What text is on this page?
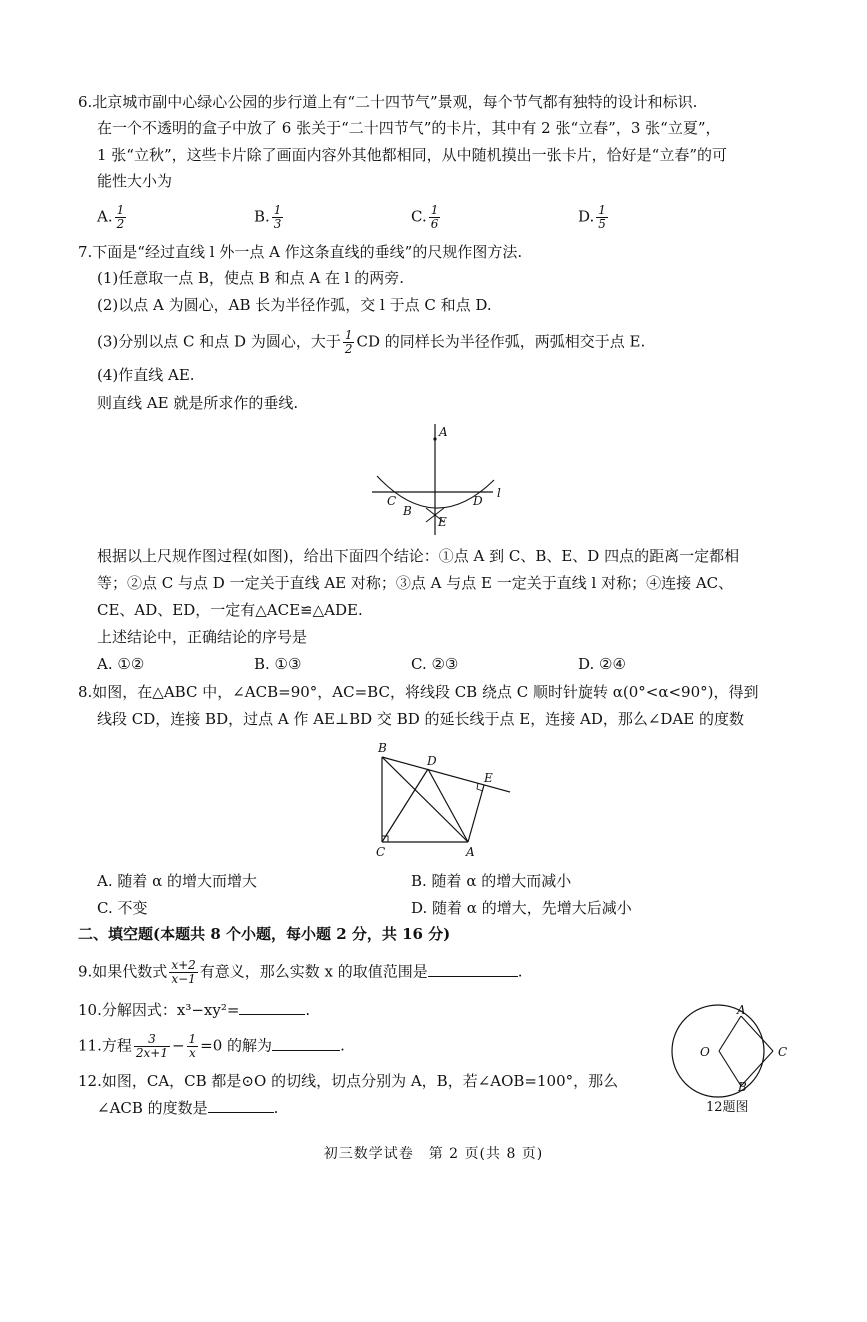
6.北京城市副中心绿心公园的步行道上有“二十四节气”景观，每个节气都有独特的设计和标识.
在一个不透明的盒子中放了 6 张关于“二十四节气”的卡片，其中有 2 张“立春”，3 张“立夏”，
1 张“立秋”，这些卡片除了画面内容外其他都相同，从中随机摸出一张卡片，恰好是“立春”的可
能性大小为
A. $\frac{1}{2}$	B. $\frac{1}{3}$	C. $\frac{1}{6}$	D. $\frac{1}{5}$
7.下面是“经过直线 l 外一点 A 作这条直线的垂线”的尺规作图方法.
(1)任意取一点 B，使点 B 和点 A 在 l 的两旁.
(2)以点 A 为圆心，AB 长为半径作弧，交 l 于点 C 和点 D.
(3)分别以点 C 和点 D 为圆心，大于 $\frac{1}{2}$ CD 的同样长为半径作弧，两弧相交于点 E.
(4)作直线 AE.
则直线 AE 就是所求作的垂线.
A
C
B
D
E
l
B
D
E
C	A
A
O	C
B
根据以上尺规作图过程(如图)，给出下面四个结论：①点 A 到 C、B、E、D 四点的距离一定都相
等；②点 C 与点 D 一定关于直线 AE 对称；③点 A 与点 E 一定关于直线 l 对称；④连接 AC、
CE、AD、ED，一定有△ACE≌△ADE.
上述结论中，正确结论的序号是
A. ①②	B. ①③	C. ②③	D. ②④
8.如图，在△ABC 中，∠ACB=90°，AC=BC，将线段 CB 绕点 C 顺时针旋转 α(0°<α<90°)，得到
线段 CD，连接 BD，过点 A 作 AE⊥BD 交 BD 的延长线于点 E，连接 AD，那么∠DAE 的度数
A. 随着 α 的增大而增大	B. 随着 α 的增大而减小
C. 不变	D. 随着 α 的增大，先增大后减小
二、填空题(本题共 8 个小题，每小题 2 分，共 16 分)
9.如果代数式 $\frac{x+2}{x-1}$ 有意义，那么实数 x 的取值范围是	.
10.分解因式：x³−xy²=	.
11.方程 $\frac{3}{2x+1} - \frac{1}{x} =0$ 的解为	.
12.如图，CA，CB 都是⊙O 的切线，切点分别为 A，B，若∠AOB=100°，那么
∠ACB 的度数是	.	12题图
初三数学试卷　第 2 页(共 8 页)
